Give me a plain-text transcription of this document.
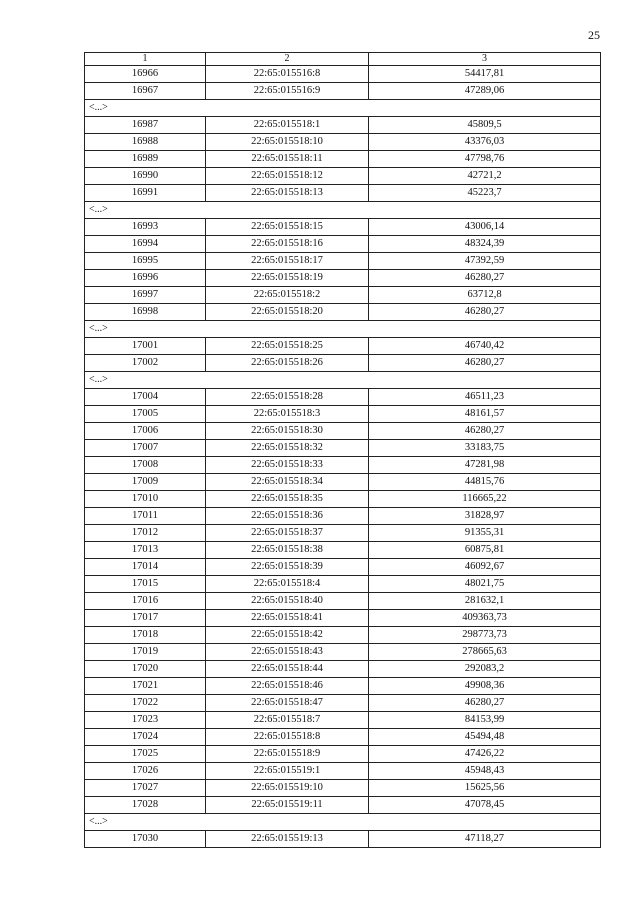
25
1	2	3
16966	22:65:015516:8	54417,81
16967	22:65:015516:9	47289,06
<...>		
16987	22:65:015518:1	45809,5
16988	22:65:015518:10	43376,03
16989	22:65:015518:11	47798,76
16990	22:65:015518:12	42721,2
16991	22:65:015518:13	45223,7
<...>		
16993	22:65:015518:15	43006,14
16994	22:65:015518:16	48324,39
16995	22:65:015518:17	47392,59
16996	22:65:015518:19	46280,27
16997	22:65:015518:2	63712,8
16998	22:65:015518:20	46280,27
<...>		
17001	22:65:015518:25	46740,42
17002	22:65:015518:26	46280,27
<...>		
17004	22:65:015518:28	46511,23
17005	22:65:015518:3	48161,57
17006	22:65:015518:30	46280,27
17007	22:65:015518:32	33183,75
17008	22:65:015518:33	47281,98
17009	22:65:015518:34	44815,76
17010	22:65:015518:35	116665,22
17011	22:65:015518:36	31828,97
17012	22:65:015518:37	91355,31
17013	22:65:015518:38	60875,81
17014	22:65:015518:39	46092,67
17015	22:65:015518:4	48021,75
17016	22:65:015518:40	281632,1
17017	22:65:015518:41	409363,73
17018	22:65:015518:42	298773,73
17019	22:65:015518:43	278665,63
17020	22:65:015518:44	292083,2
17021	22:65:015518:46	49908,36
17022	22:65:015518:47	46280,27
17023	22:65:015518:7	84153,99
17024	22:65:015518:8	45494,48
17025	22:65:015518:9	47426,22
17026	22:65:015519:1	45948,43
17027	22:65:015519:10	15625,56
17028	22:65:015519:11	47078,45
<...>		
17030	22:65:015519:13	47118,27
